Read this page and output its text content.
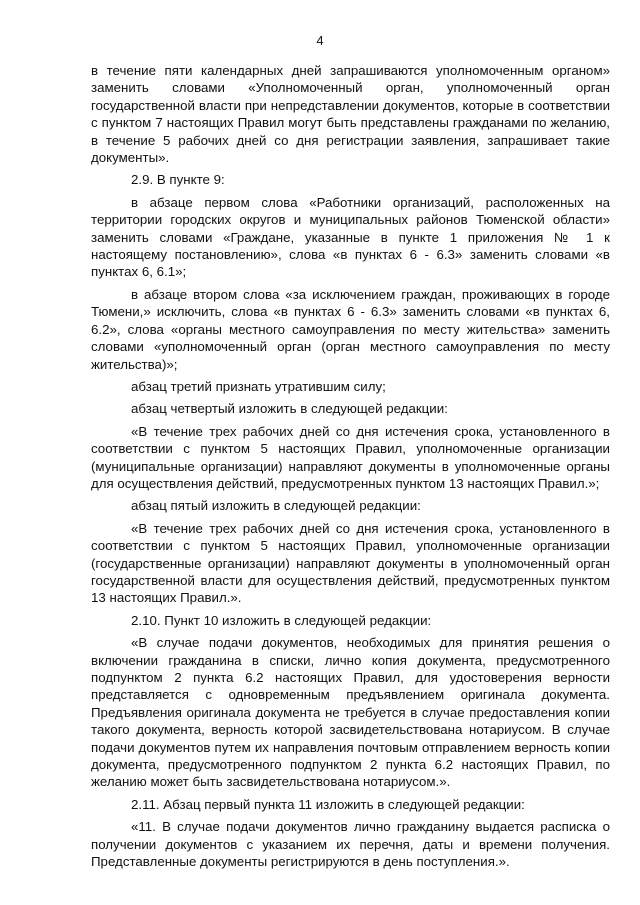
4

в течение пяти календарных дней запрашиваются уполномоченным органом» заменить словами «Уполномоченный орган, уполномоченный орган государственной власти при непредставлении документов, которые в соответствии с пунктом 7 настоящих Правил могут быть представлены гражданами по желанию, в течение 5 рабочих дней со дня регистрации заявления, запрашивает такие документы».

2.9. В пункте 9:

в абзаце первом слова «Работники организаций, расположенных на территории городских округов и муниципальных районов Тюменской области» заменить словами «Граждане, указанные в пункте 1 приложения № 1 к настоящему постановлению», слова «в пунктах 6 - 6.3» заменить словами «в пунктах 6, 6.1»;

в абзаце втором слова «за исключением граждан, проживающих в городе Тюмени,» исключить, слова «в пунктах 6 - 6.3» заменить словами «в пунктах 6, 6.2», слова «органы местного самоуправления по месту жительства» заменить словами «уполномоченный орган (орган местного самоуправления по месту жительства)»;

абзац третий признать утратившим силу;

абзац четвертый изложить в следующей редакции:

«В течение трех рабочих дней со дня истечения срока, установленного в соответствии с пунктом 5 настоящих Правил, уполномоченные организации (муниципальные организации) направляют документы в уполномоченные органы для осуществления действий, предусмотренных пунктом 13 настоящих Правил.»;

абзац пятый изложить в следующей редакции:

«В течение трех рабочих дней со дня истечения срока, установленного в соответствии с пунктом 5 настоящих Правил, уполномоченные организации (государственные организации) направляют документы в уполномоченный орган государственной власти для осуществления действий, предусмотренных пунктом 13 настоящих Правил.».

2.10. Пункт 10 изложить в следующей редакции:

«В случае подачи документов, необходимых для принятия решения о включении гражданина в списки, лично копия документа, предусмотренного подпунктом 2 пункта 6.2 настоящих Правил, для удостоверения верности представляется с одновременным предъявлением оригинала документа. Предъявления оригинала документа не требуется в случае предоставления копии такого документа, верность которой засвидетельствована нотариусом. В случае подачи документов путем их направления почтовым отправлением верность копии документа, предусмотренного подпунктом 2 пункта 6.2 настоящих Правил, по желанию может быть засвидетельствована нотариусом.».

2.11. Абзац первый пункта 11 изложить в следующей редакции:

«11. В случае подачи документов лично гражданину выдается расписка о получении документов с указанием их перечня, даты и времени получения. Представленные документы регистрируются в день поступления.».
